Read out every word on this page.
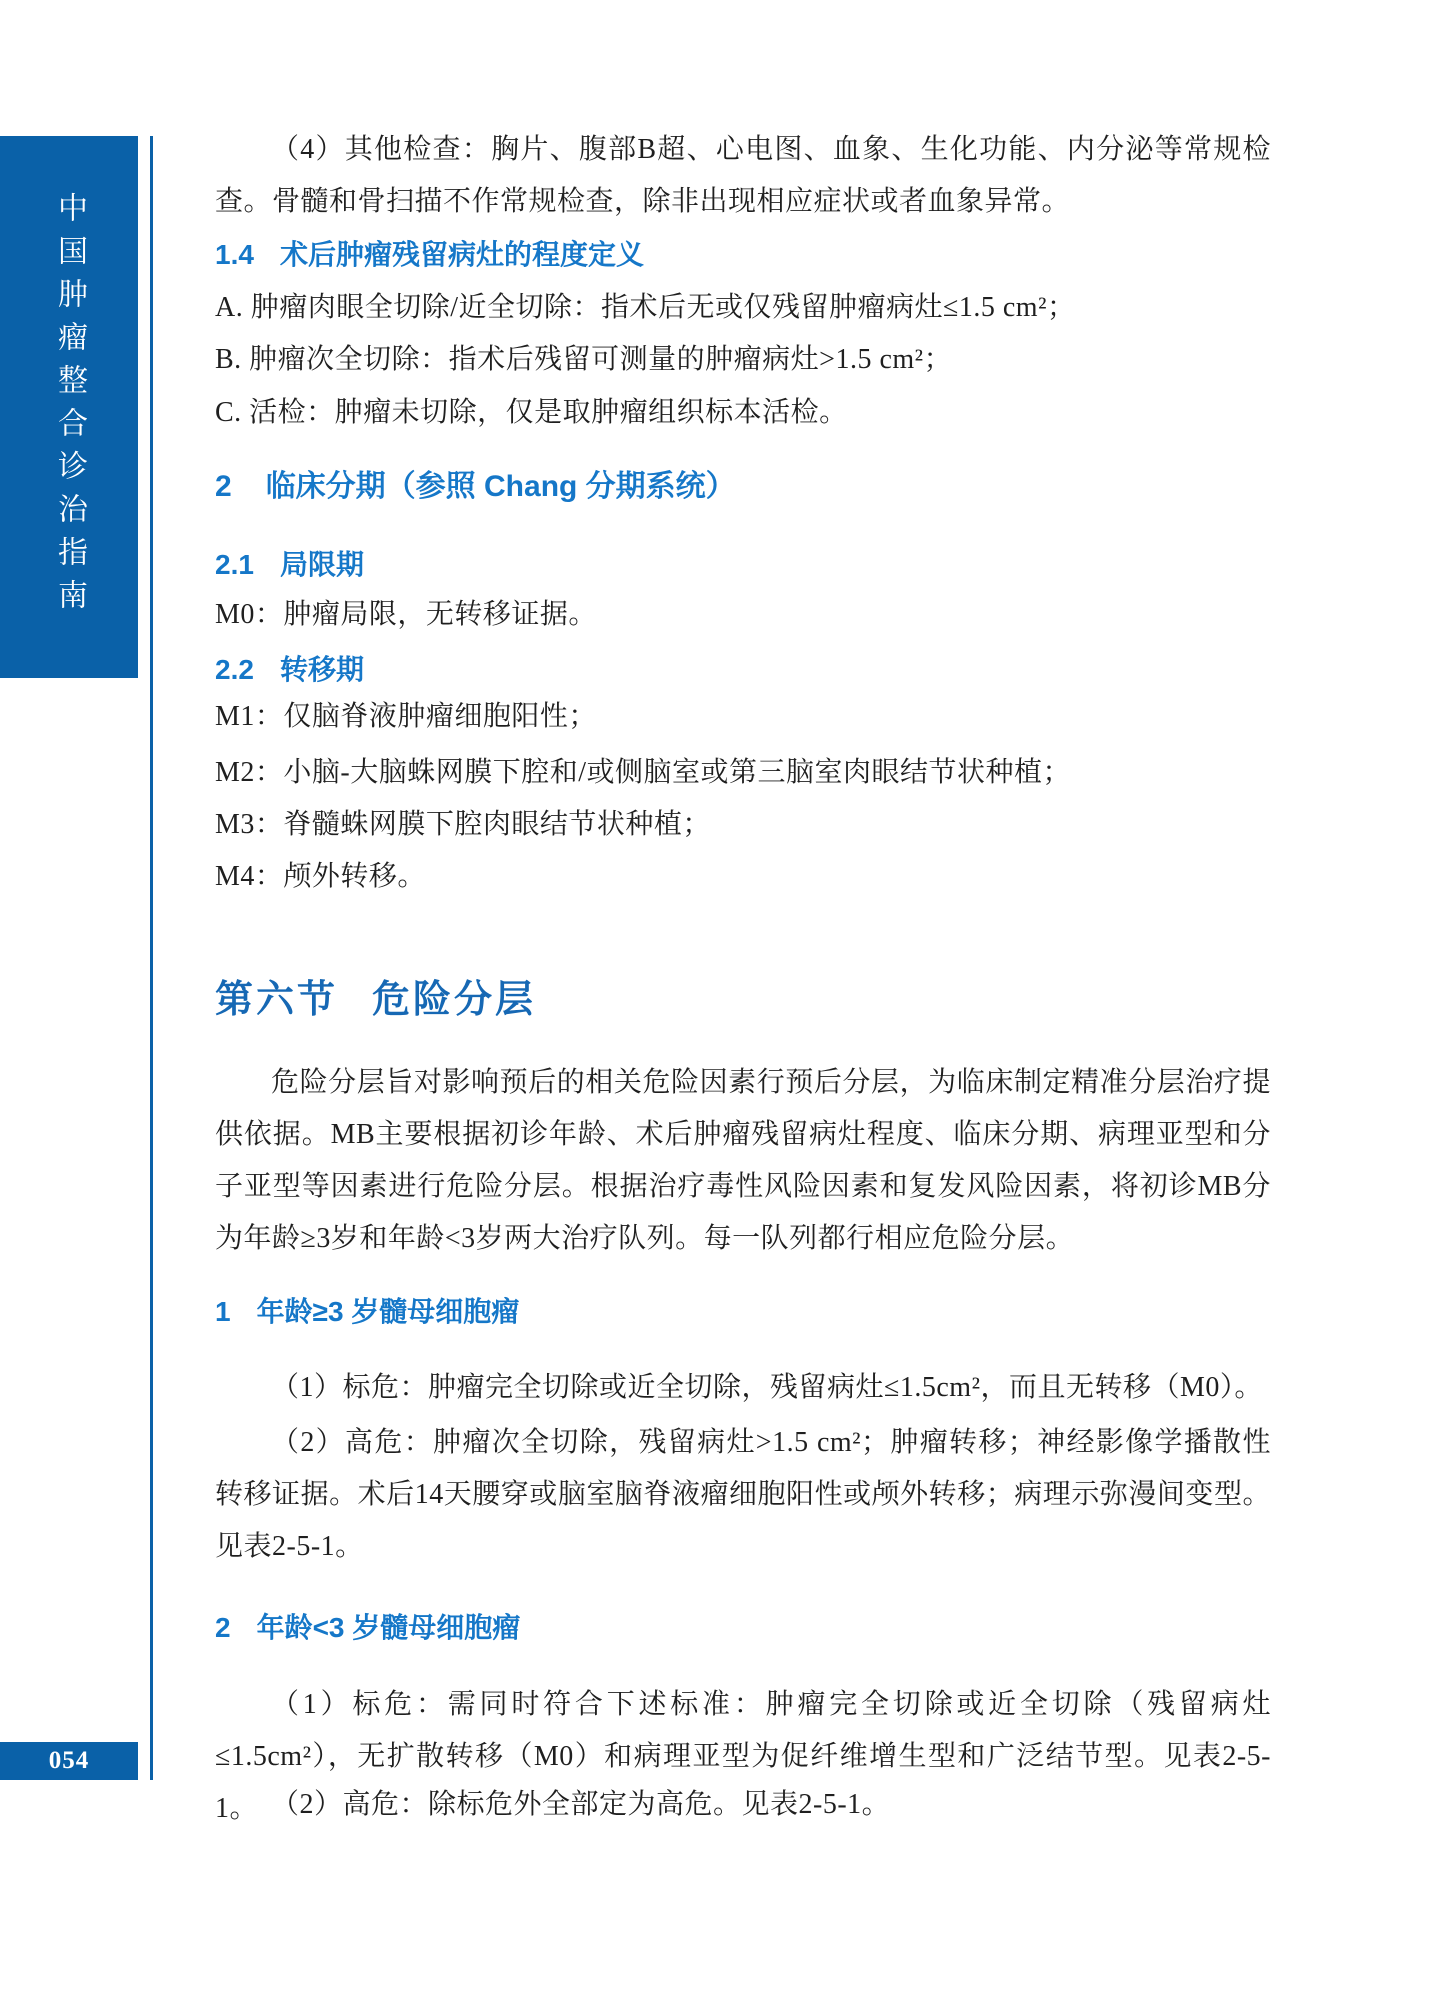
中国肿瘤整合诊治指南
054

（4）其他检查：胸片、腹部B超、心电图、血象、生化功能、内分泌等常规检查。骨髓和骨扫描不作常规检查，除非出现相应症状或者血象异常。

1.4 术后肿瘤残留病灶的程度定义

A. 肿瘤肉眼全切除/近全切除：指术后无或仅残留肿瘤病灶≤1.5 cm²；

B. 肿瘤次全切除：指术后残留可测量的肿瘤病灶>1.5 cm²；

C. 活检：肿瘤未切除，仅是取肿瘤组织标本活检。

2 临床分期（参照 Chang 分期系统）
2.1 局限期

M0：肿瘤局限，无转移证据。

2.2 转移期

M1：仅脑脊液肿瘤细胞阳性；

M2：小脑-大脑蛛网膜下腔和/或侧脑室或第三脑室肉眼结节状种植；

M3：脊髓蛛网膜下腔肉眼结节状种植；

M4：颅外转移。

第六节 危险分层

危险分层旨对影响预后的相关危险因素行预后分层，为临床制定精准分层治疗提供依据。MB主要根据初诊年龄、术后肿瘤残留病灶程度、临床分期、病理亚型和分子亚型等因素进行危险分层。根据治疗毒性风险因素和复发风险因素，将初诊MB分为年龄≥3岁和年龄<3岁两大治疗队列。每一队列都行相应危险分层。

1 年龄≥3 岁髓母细胞瘤

（1）标危：肿瘤完全切除或近全切除，残留病灶≤1.5cm²，而且无转移（M0）。

（2）高危：肿瘤次全切除，残留病灶>1.5 cm²；肿瘤转移；神经影像学播散性转移证据。术后14天腰穿或脑室脑脊液瘤细胞阳性或颅外转移；病理示弥漫间变型。见表2-5-1。

2 年龄<3 岁髓母细胞瘤

（1）标危：需同时符合下述标准：肿瘤完全切除或近全切除（残留病灶≤1.5cm²），无扩散转移（M0）和病理亚型为促纤维增生型和广泛结节型。见表2-5-1。 （2）高危：除标危外全部定为高危。见表2-5-1。
